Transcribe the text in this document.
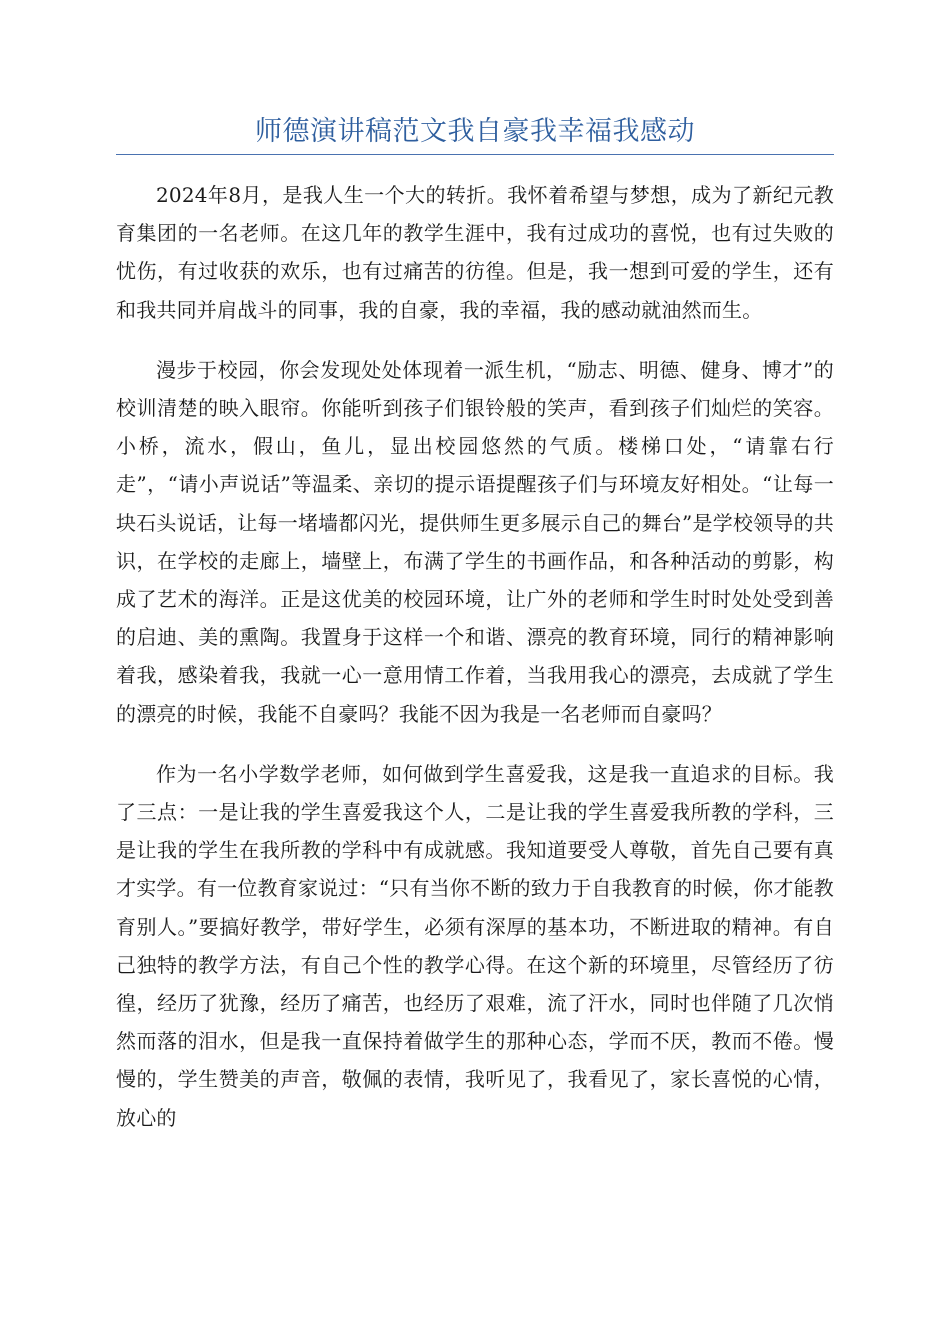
师德演讲稿范文我自豪我幸福我感动

2024年8月，是我人生一个大的转折。我怀着希望与梦想，成为了新纪元教育集团的一名老师。在这几年的教学生涯中，我有过成功的喜悦，也有过失败的忧伤，有过收获的欢乐，也有过痛苦的彷徨。但是，我一想到可爱的学生，还有和我共同并肩战斗的同事，我的自豪，我的幸福，我的感动就油然而生。

漫步于校园，你会发现处处体现着一派生机，“励志、明德、健身、博才”的校训清楚的映入眼帘。你能听到孩子们银铃般的笑声，看到孩子们灿烂的笑容。小桥，流水，假山，鱼儿，显出校园悠然的气质。楼梯口处，“请靠右行走”，“请小声说话”等温柔、亲切的提示语提醒孩子们与环境友好相处。“让每一块石头说话，让每一堵墙都闪光，提供师生更多展示自己的舞台”是学校领导的共识，在学校的走廊上，墙壁上，布满了学生的书画作品，和各种活动的剪影，构成了艺术的海洋。正是这优美的校园环境，让广外的老师和学生时时处处受到善的启迪、美的熏陶。我置身于这样一个和谐、漂亮的教育环境，同行的精神影响着我，感染着我，我就一心一意用情工作着，当我用我心的漂亮，去成就了学生的漂亮的时候，我能不自豪吗？我能不因为我是一名老师而自豪吗？

作为一名小学数学老师，如何做到学生喜爱我，这是我一直追求的目标。我了三点：一是让我的学生喜爱我这个人，二是让我的学生喜爱我所教的学科，三是让我的学生在我所教的学科中有成就感。我知道要受人尊敬，首先自己要有真才实学。有一位教育家说过：“只有当你不断的致力于自我教育的时候，你才能教育别人。”要搞好教学，带好学生，必须有深厚的基本功，不断进取的精神。有自己独特的教学方法，有自己个性的教学心得。在这个新的环境里，尽管经历了彷徨，经历了犹豫，经历了痛苦，也经历了艰难，流了汗水，同时也伴随了几次悄然而落的泪水，但是我一直保持着做学生的那种心态，学而不厌，教而不倦。慢慢的，学生赞美的声音，敬佩的表情，我听见了，我看见了，家长喜悦的心情，放心的
